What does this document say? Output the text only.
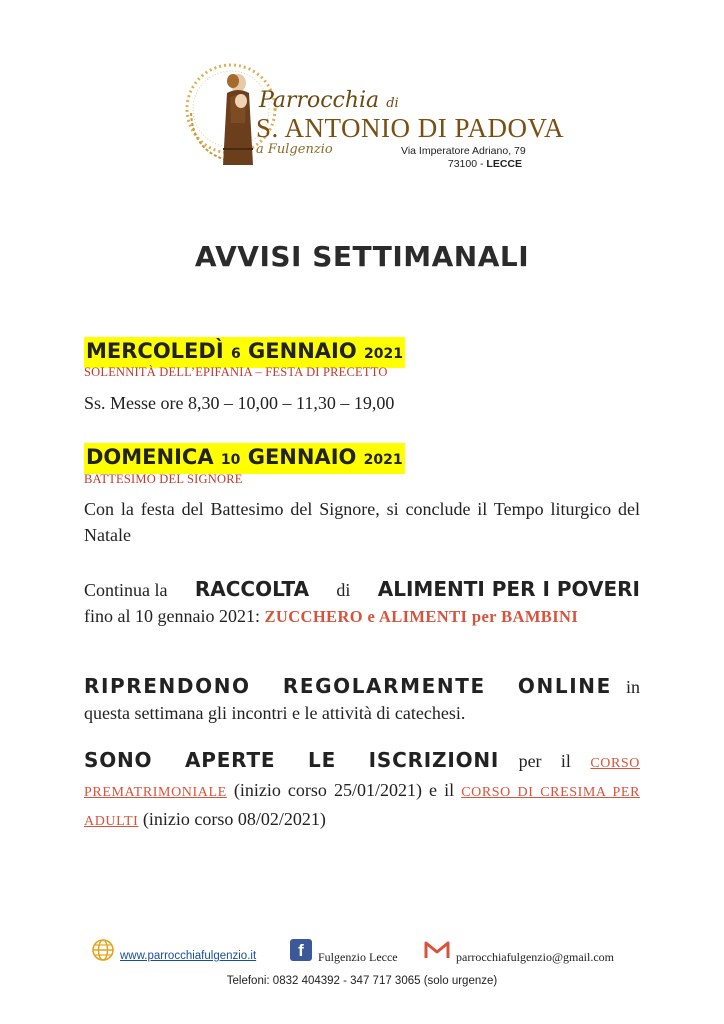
Parrocchia di
S. ANTONIO DI PADOVA
a Fulgenzio	Via Imperatore Adriano, 79
73100 - LECCE
AVVISI SETTIMANALI
MERCOLEDÌ 6 GENNAIO 2021
SOLENNITÀ DELL’EPIFANIA – FESTA DI PRECETTO
Ss. Messe ore 8,30 – 10,00 – 11,30 – 19,00
DOMENICA 10 GENNAIO 2021
BATTESIMO DEL SIGNORE
Con la festa del Battesimo del Signore, si conclude il Tempo liturgico del Natale
Continua la RACCOLTA di ALIMENTI PER I POVERI
fino al 10 gennaio 2021: ZUCCHERO e ALIMENTI per BAMBINI
RIPRENDONO REGOLARMENTE ONLINE in questa settimana gli incontri e le attività di catechesi.
SONO APERTE LE ISCRIZIONI per il CORSO PREMATRIMONIALE (inizio corso 25/01/2021) e il CORSO DI CRESIMA PER ADULTI (inizio corso 08/02/2021)
www.parrocchiafulgenzio.it	f	Fulgenzio Lecce	parrocchiafulgenzio@gmail.com
Telefoni: 0832 404392 - 347 717 3065 (solo urgenze)
